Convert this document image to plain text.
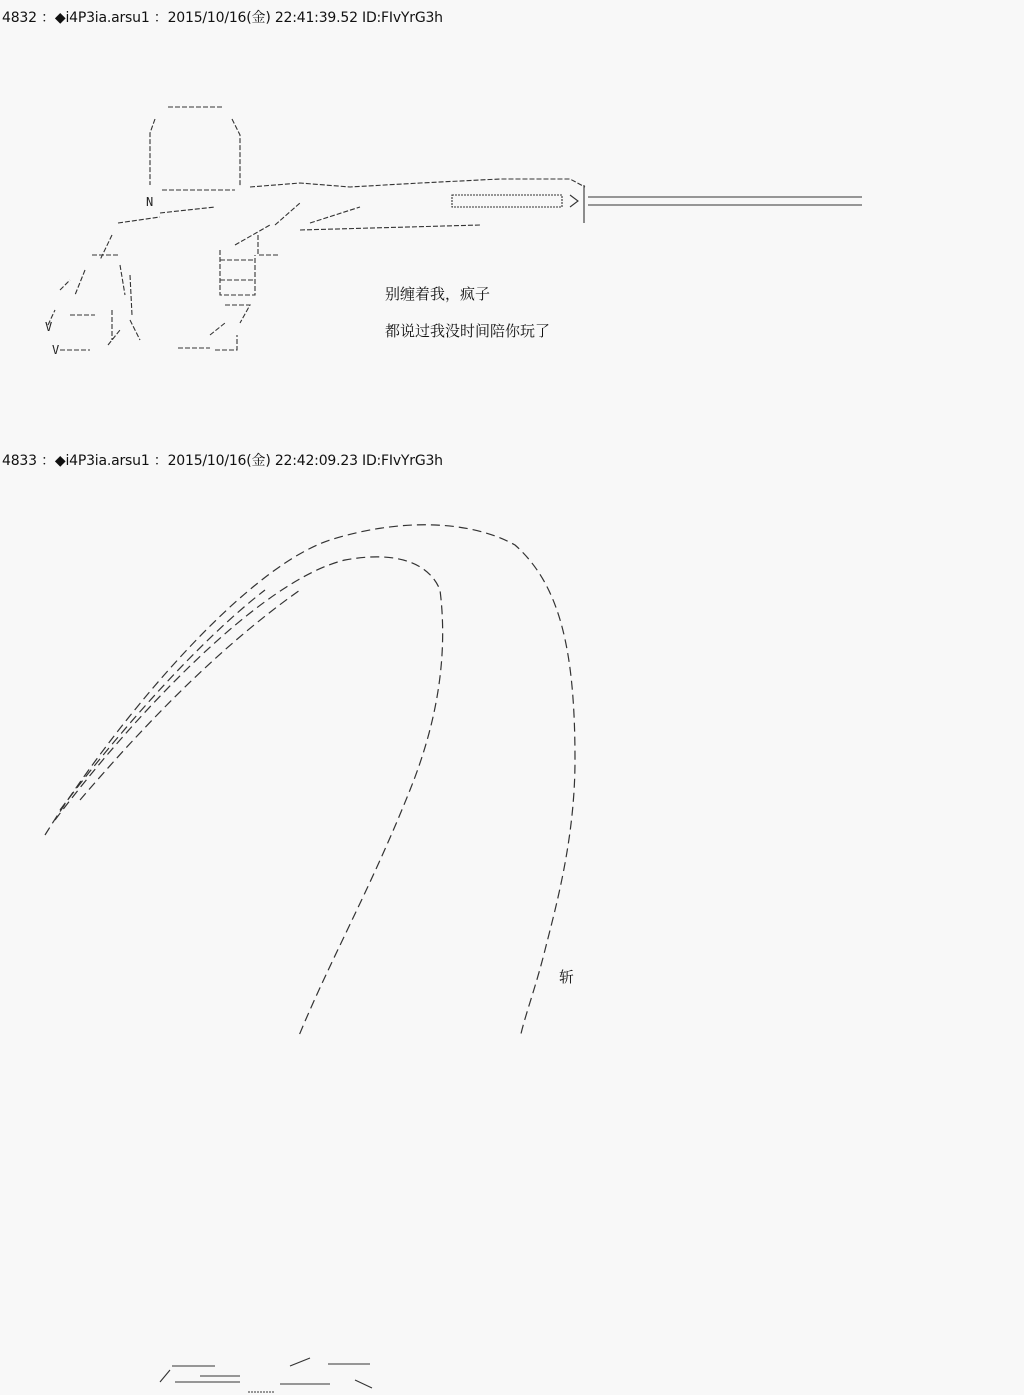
4832 ：◆i4P3ia.arsu1 ：2015/10/16(金) 22:41:39.52 ID:FIvYrG3h
N
V
V
别缠着我，疯子
都说过我没时间陪你玩了
4833 ：◆i4P3ia.arsu1 ：2015/10/16(金) 22:42:09.23 ID:FIvYrG3h
斩
